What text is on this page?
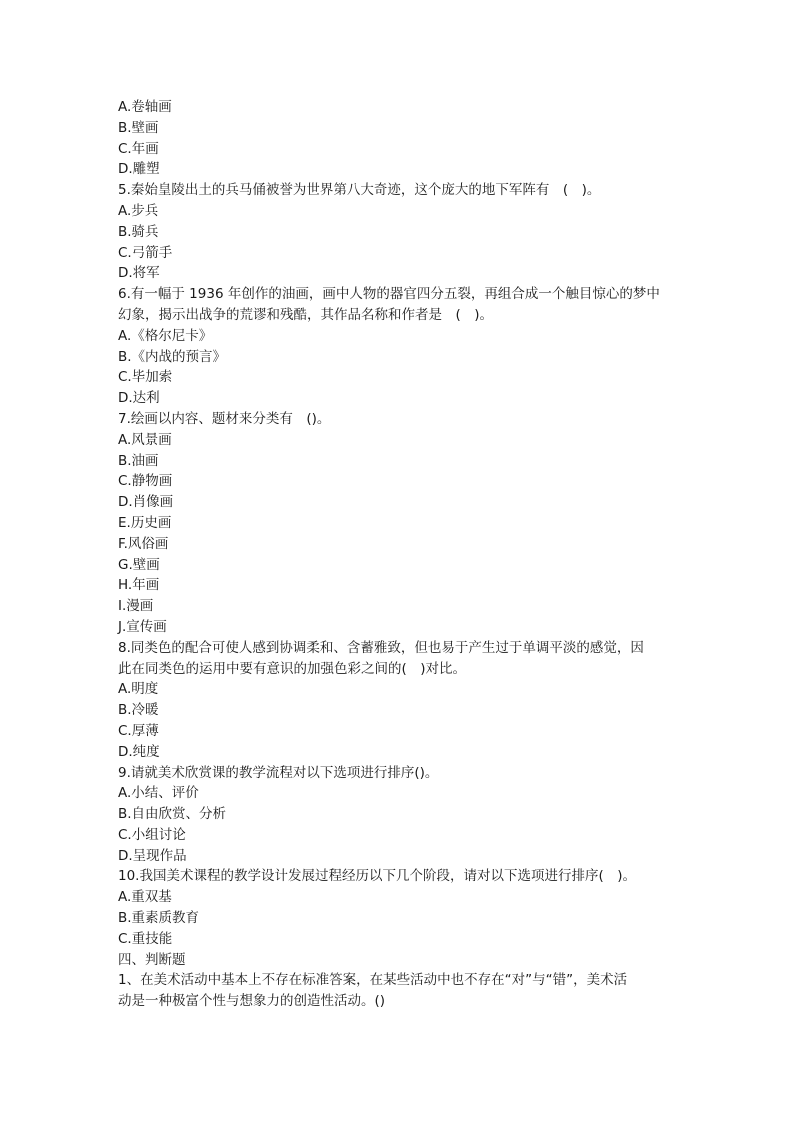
A.卷轴画
B.壁画
C.年画
D.雕塑
5.秦始皇陵出土的兵马俑被誉为世界第八大奇迹，这个庞大的地下军阵有　(　)。
A.步兵
B.骑兵
C.弓箭手
D.将军
6.有一幅于 1936 年创作的油画，画中人物的器官四分五裂，再组合成一个触目惊心的梦中
幻象，揭示出战争的荒谬和残酷，其作品名称和作者是　(　)。
A.《格尔尼卡》
B.《内战的预言》
C.毕加索
D.达利
7.绘画以内容、题材来分类有　()。
A.风景画
B.油画
C.静物画
D.肖像画
E.历史画
F.风俗画
G.壁画
H.年画
I.漫画
J.宣传画
8.同类色的配合可使人感到协调柔和、含蓄雅致，但也易于产生过于单调平淡的感觉，因
此在同类色的运用中要有意识的加强色彩之间的(　)对比。
A.明度
B.冷暖
C.厚薄
D.纯度
9.请就美术欣赏课的教学流程对以下选项进行排序()。
A.小结、评价
B.自由欣赏、分析
C.小组讨论
D.呈现作品
10.我国美术课程的教学设计发展过程经历以下几个阶段，请对以下选项进行排序(　)。
A.重双基
B.重素质教育
C.重技能
四、判断题
1、在美术活动中基本上不存在标准答案，在某些活动中也不存在“对”与“错”，美术活
动是一种极富个性与想象力的创造性活动。()
